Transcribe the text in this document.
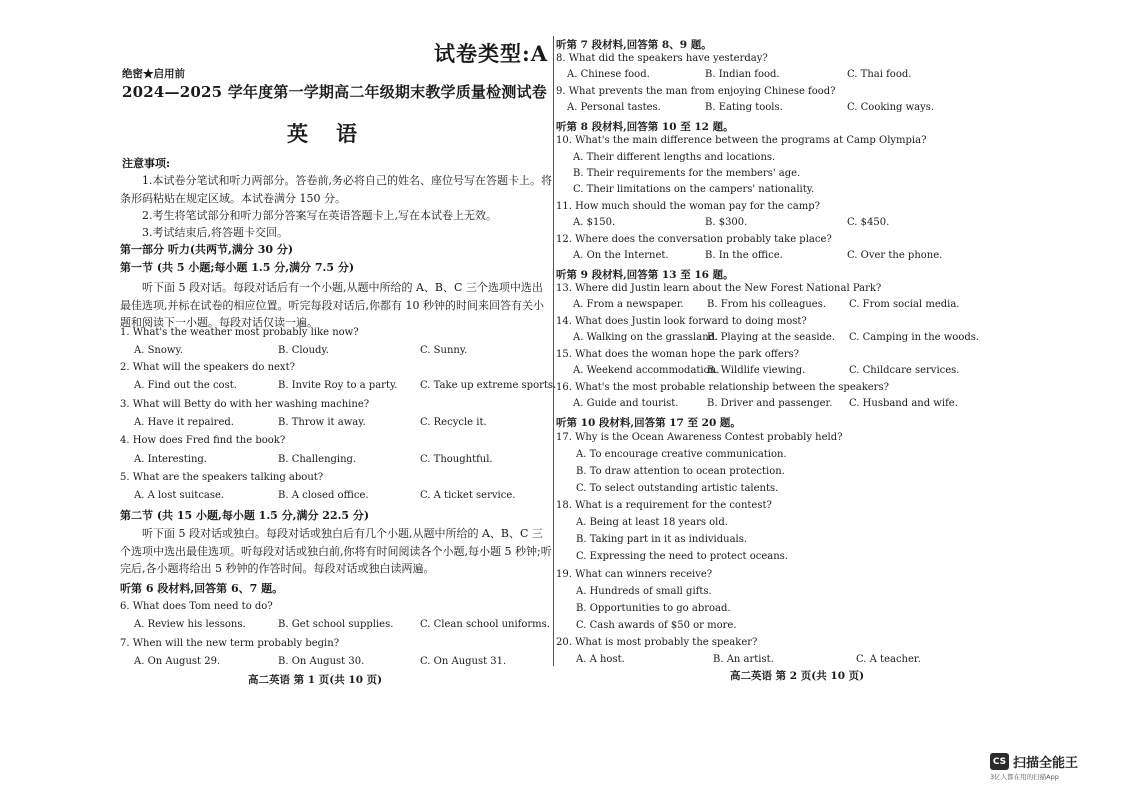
试卷类型:A
绝密★启用前
2024—2025 学年度第一学期高二年级期末教学质量检测试卷
英语
注意事项:
1.本试卷分笔试和听力两部分。答卷前,务必将自己的姓名、座位号写在答题卡上。将条形码粘贴在规定区域。本试卷满分 150 分。
2.考生将笔试部分和听力部分答案写在英语答题卡上,写在本试卷上无效。
3.考试结束后,将答题卡交回。
第一部分 听力(共两节,满分 30 分)
第一节 (共 5 小题;每小题 1.5 分,满分 7.5 分)
听下面 5 段对话。每段对话后有一个小题,从题中所给的 A、B、C 三个选项中选出最佳选项,并标在试卷的相应位置。听完每段对话后,你都有 10 秒钟的时间来回答有关小题和阅读下一小题。每段对话仅读一遍。
1. What's the weather most probably like now?
A. Snowy.	B. Cloudy.	C. Sunny.
2. What will the speakers do next?
A. Find out the cost.	B. Invite Roy to a party. C. Take up extreme sports.
3. What will Betty do with her washing machine?
A. Have it repaired.	B. Throw it away.	C. Recycle it.
4. How does Fred find the book?
A. Interesting.	B. Challenging.	C. Thoughtful.
5. What are the speakers talking about?
A. A lost suitcase.	B. A closed office.	C. A ticket service.
第二节 (共 15 小题,每小题 1.5 分,满分 22.5 分)
听下面 5 段对话或独白。每段对话或独白后有几个小题,从题中所给的 A、B、C 三个选项中选出最佳选项。听每段对话或独白前,你将有时间阅读各个小题,每小题 5 秒钟;听完后,各小题将给出 5 秒钟的作答时间。每段对话或独白读两遍。
听第 6 段材料,回答第 6、7 题。
6. What does Tom need to do?
A. Review his lessons.	B. Get school supplies.	C. Clean school uniforms.
7. When will the new term probably begin?
A. On August 29.	B. On August 30.	C. On August 31.
高二英语 第 1 页(共 10 页)
听第 7 段材料,回答第 8、9 题。
8. What did the speakers have yesterday?
A. Chinese food.	B. Indian food.	C. Thai food.
9. What prevents the man from enjoying Chinese food?
A. Personal tastes.	B. Eating tools.	C. Cooking ways.
听第 8 段材料,回答第 10 至 12 题。
10. What's the main difference between the programs at Camp Olympia?
A. Their different lengths and locations.
B. Their requirements for the members' age.
C. Their limitations on the campers' nationality.
11. How much should the woman pay for the camp?
A. $150.	B. $300.	C. $450.
12. Where does the conversation probably take place?
A. On the Internet.	B. In the office.	C. Over the phone.
听第 9 段材料,回答第 13 至 16 题。
13. Where did Justin learn about the New Forest National Park?
A. From a newspaper. B. From his colleagues. C. From social media.
14. What does Justin look forward to doing most?
A. Walking on the grassland.
B. Playing at the seaside. C. Camping in the woods.
15. What does the woman hope the park offers?
A. Weekend accommodation.
B. Wildlife viewing.	C. Childcare services.
16. What's the most probable relationship between the speakers?
A. Guide and tourist.	B. Driver and passenger. C. Husband and wife.
听第 10 段材料,回答第 17 至 20 题。
17. Why is the Ocean Awareness Contest probably held?
A. To encourage creative communication.
B. To draw attention to ocean protection.
C. To select outstanding artistic talents.
18. What is a requirement for the contest?
A. Being at least 18 years old.
B. Taking part in it as individuals.
C. Expressing the need to protect oceans.
19. What can winners receive?
A. Hundreds of small gifts.
B. Opportunities to go abroad.
C. Cash awards of $50 or more.
20. What is most probably the speaker?
A. A host.	B. An artist.	C. A teacher.
高二英语 第 2 页(共 10 页)
CS 扫描全能王
3亿人都在用的扫描App
